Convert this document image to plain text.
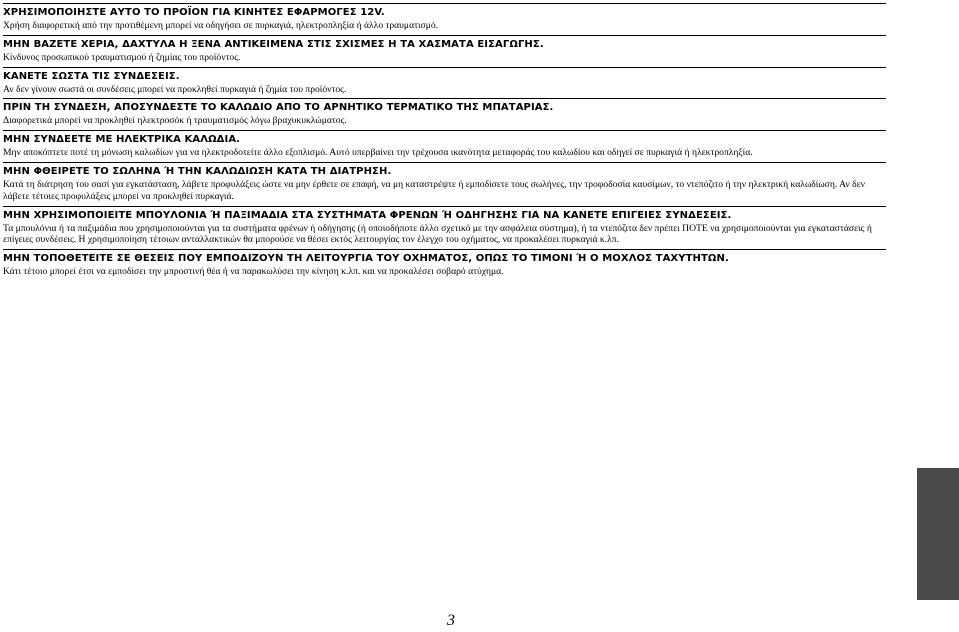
ΧΡΗΣΙΜΟΠΟΙΗΣΤΕ ΑΥΤΟ ΤΟ ΠΡΟΪΟΝ ΓΙΑ ΚΙΝΗΤΕΣ ΕΦΑΡΜΟΓΕΣ 12V.
Χρήση διαφορετική από την προτιθέμενη μπορεί να οδηγήσει σε πυρκαγιά, ηλεκτροπληξία ή άλλο τραυματισμό.
ΜΗΝ ΒΑΖΕΤΕ ΧΕΡΙΑ, ΔΑΧΤΥΛΑ Η ΞΕΝΑ ΑΝΤΙΚΕΙΜΕΝΑ ΣΤΙΣ ΣΧΙΣΜΕΣ Η ΤΑ ΧΑΣΜΑΤΑ ΕΙΣΑΓΩΓΗΣ.
Κίνδυνος προσωπικού τραυματισμού ή ζημίας του προϊόντος.
ΚΑΝΕΤΕ ΣΩΣΤΑ ΤΙΣ ΣΥΝΔΕΣΕΙΣ.
Αν δεν γίνουν σωστά οι συνδέσεις μπορεί να προκληθεί πυρκαγιά ή ζημία του προϊόντος.
ΠΡΙΝ ΤΗ ΣΥΝΔΕΣΗ, ΑΠΟΣΥΝΔΕΣΤΕ ΤΟ ΚΑΛΩΔΙΟ ΑΠΟ ΤΟ ΑΡΝΗΤΙΚΟ ΤΕΡΜΑΤΙΚΟ ΤΗΣ ΜΠΑΤΑΡΙΑΣ.
Διαφορετικά μπορεί να προκληθεί ηλεκτροσόκ ή τραυματισμός λόγω βραχυκυκλώματος.
ΜΗΝ ΣΥΝΔΕΕΤΕ ΜΕ ΗΛΕΚΤΡΙΚΑ ΚΑΛΩΔΙΑ.
Μην αποκόπτετε ποτέ τη μόνωση καλωδίων για να ηλεκτροδοτείτε άλλο εξοπλισμό. Αυτό υπερβαίνει την τρέχουσα ικανότητα μεταφοράς του καλωδίου και οδηγεί σε πυρκαγιά ή ηλεκτροπληξία.
ΜΗΝ ΦΘΕΙΡΕΤΕ ΤΟ ΣΩΛΗΝΑ Ή ΤΗΝ ΚΑΛΩΔΙΩΣΗ ΚΑΤΑ ΤΗ ΔΙΑΤΡΗΣΗ.
Κατά τη διάτρηση του σασί για εγκατάσταση, λάβετε προφυλάξεις ώστε να μην έρθετε σε επαφή, να μη καταστρέψτε ή εμποδίσετε τους σωλήνες, την τροφοδοσία καυσίμων, το ντεπόζιτο ή την ηλεκτρική καλωδίωση. Αν δεν λάβετε τέτοιες προφυλάξεις μπορεί να προκληθεί πυρκαγιά.
ΜΗΝ ΧΡΗΣΙΜΟΠΟΙΕΙΤΕ ΜΠΟΥΛΟΝΙΑ Ή ΠΑΞΙΜΑΔΙΑ ΣΤΑ ΣΥΣΤΗΜΑΤΑ ΦΡΕΝΩΝ Ή ΟΔΗΓΗΣΗΣ ΓΙΑ ΝΑ ΚΑΝΕΤΕ ΕΠΙΓΕΙΕΣ ΣΥΝΔΕΣΕΙΣ.
Τα μπουλόνια ή τα παξιμάδια που χρησιμοποιούνται για τα συστήματα φρένων ή οδήγησης (ή οποιοδήποτε άλλο σχετικό με την ασφάλεια σύστημα), ή τα ντεπόζιτα δεν πρέπει ΠΟΤΕ να χρησιμοποιούνται για εγκαταστάσεις ή επίγειες συνδέσεις. Η χρησιμοποίηση τέτοιων ανταλλακτικών θα μπορούσε να θέσει εκτός λειτουργίας τον έλεγχο του οχήματος, να προκαλέσει πυρκαγιά κ.λπ.
ΜΗΝ ΤΟΠΟΘΕΤΕΙΤΕ ΣΕ ΘΕΣΕΙΣ ΠΟΥ ΕΜΠΟΔΙΖΟΥΝ ΤΗ ΛΕΙΤΟΥΡΓΙΑ ΤΟΥ ΟΧΗΜΑΤΟΣ, ΟΠΩΣ ΤΟ ΤΙΜΟΝΙ Ή Ο ΜΟΧΛΟΣ ΤΑΧΥΤΗΤΩΝ.
Κάτι τέτοιο μπορεί έτσι να εμποδίσει την μπροστινή θέα ή να παρακωλύσει την κίνηση κ.λπ. και να προκαλέσει σοβαρό ατύχημα.
3
